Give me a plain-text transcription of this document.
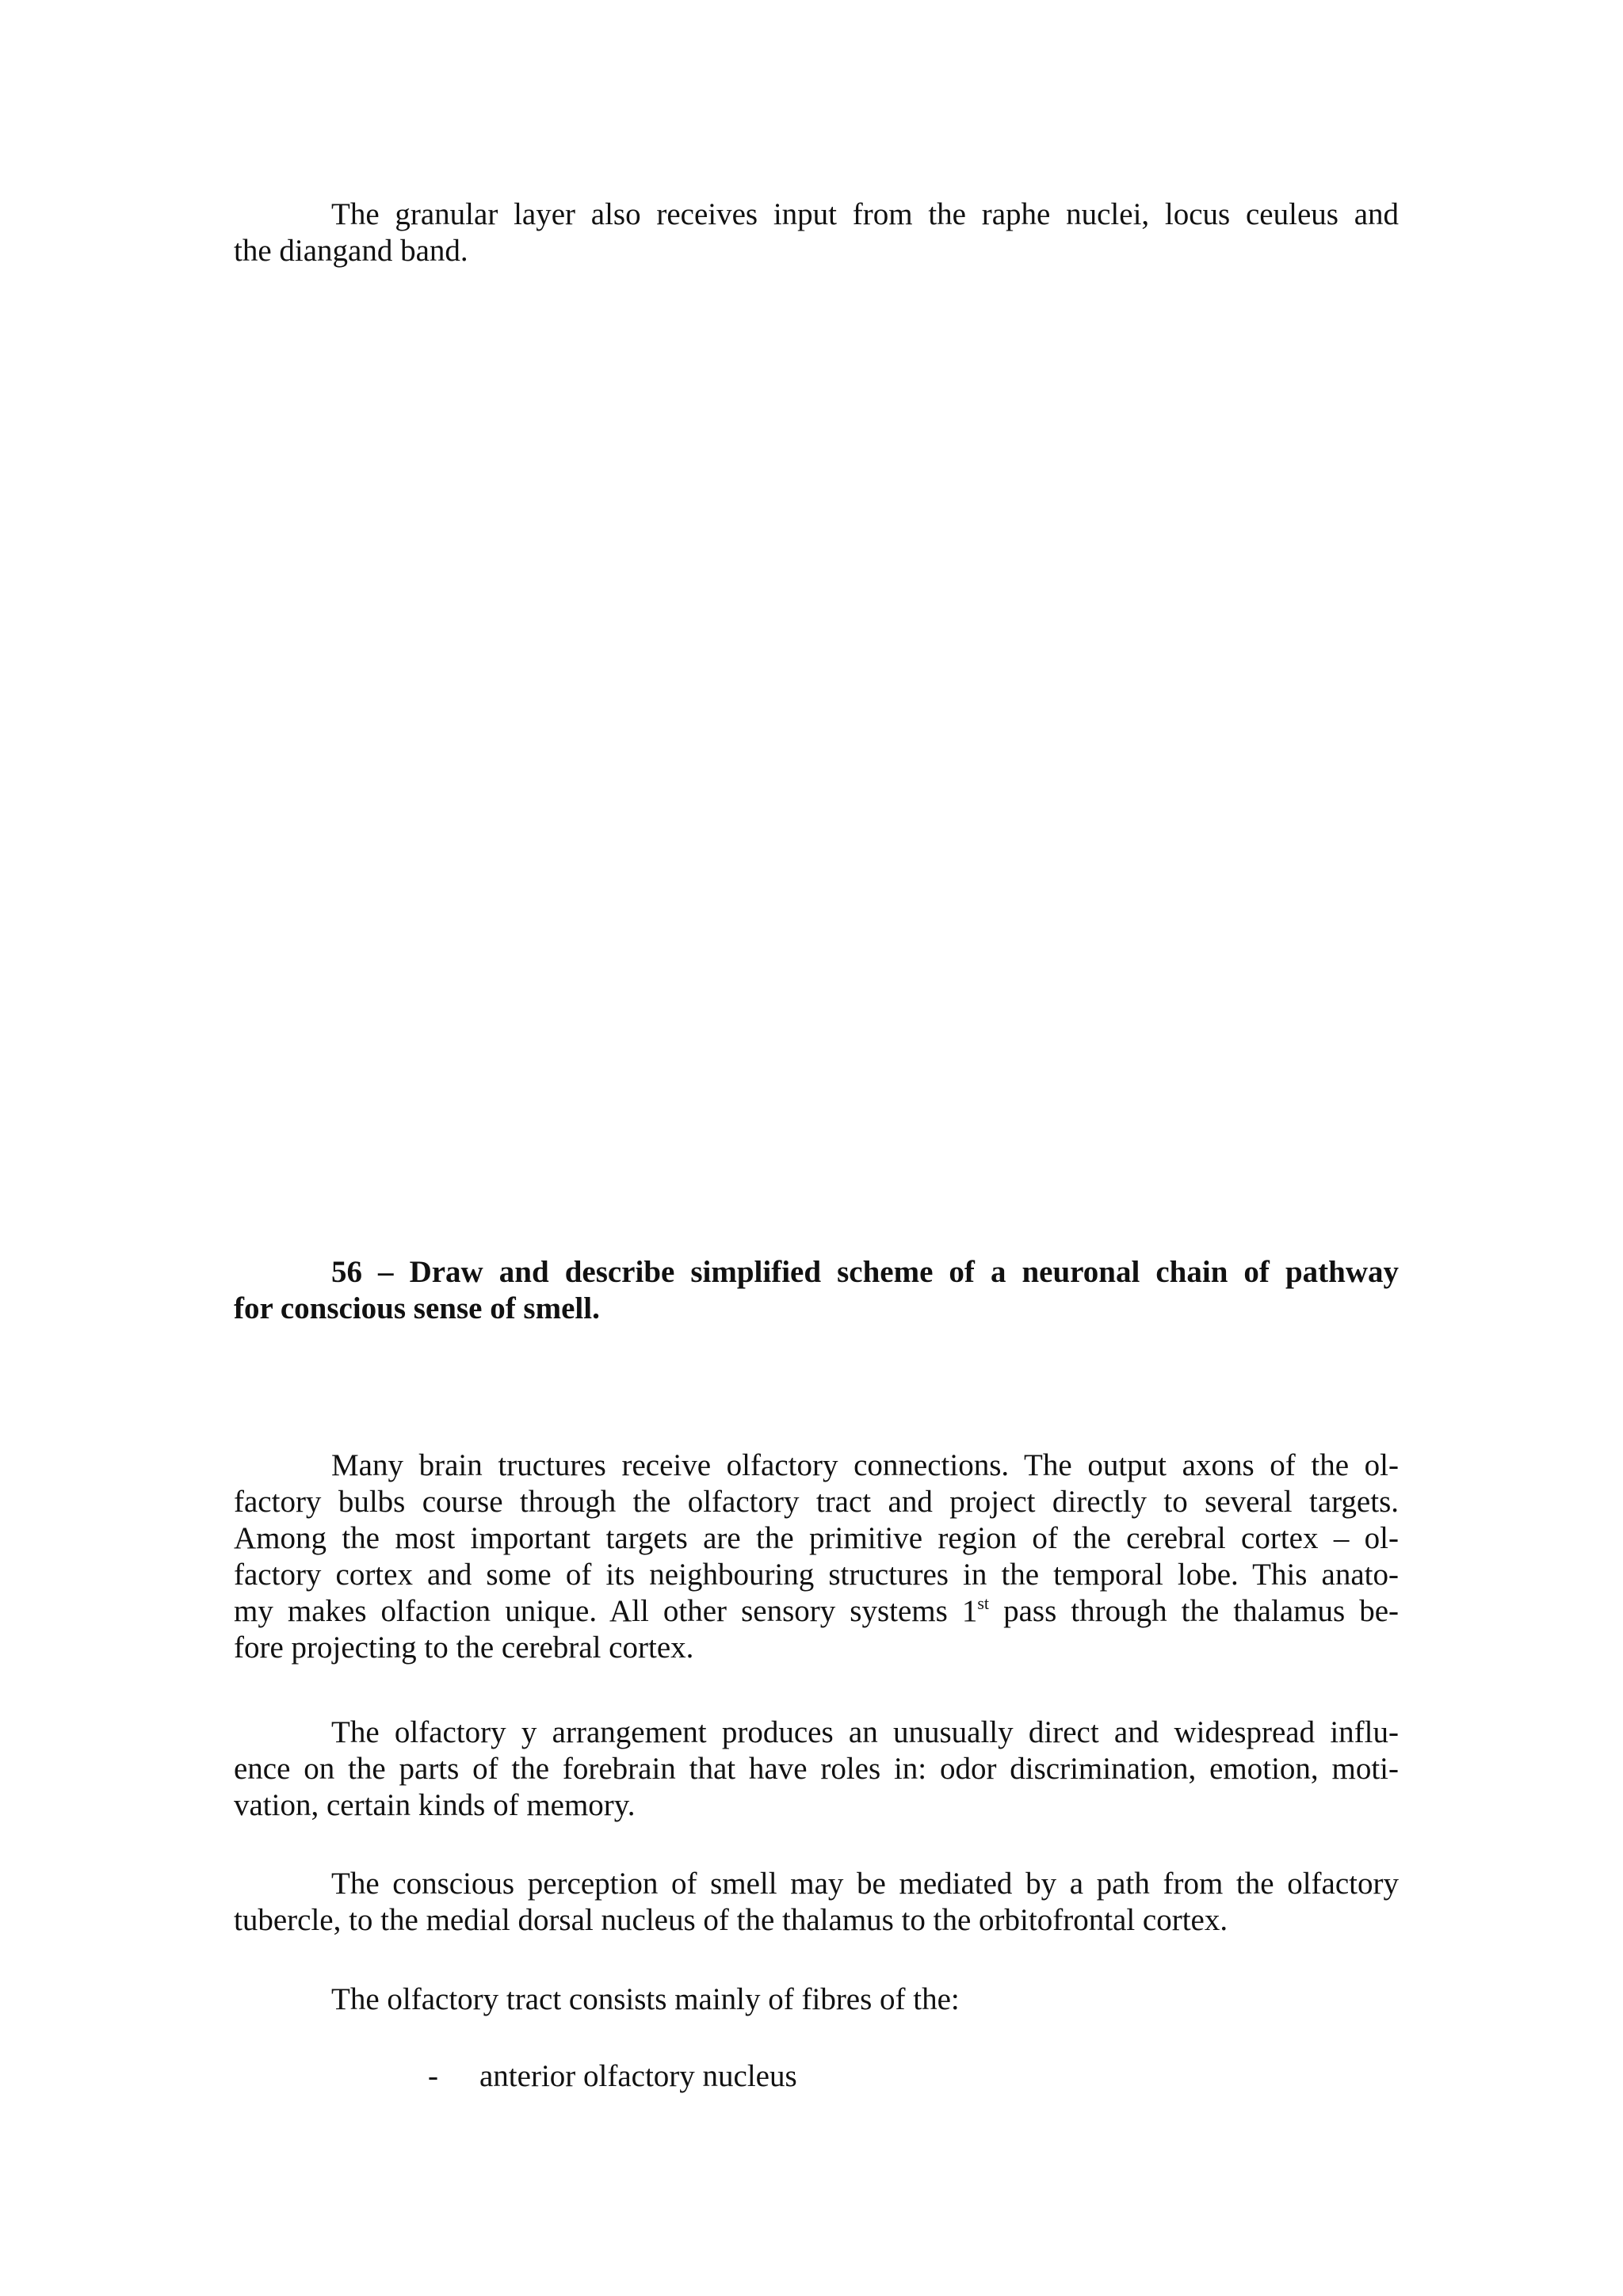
The granular layer also receives input from the raphe nuclei, locus ceuleus and
the diangand band.
56 – Draw and describe simplified scheme of a neuronal chain of pathway
for conscious sense of smell.
Many brain tructures receive olfactory connections. The output axons of the ol-
factory bulbs course through the olfactory tract and project directly to several targets.
Among the most important targets are the primitive region of the cerebral cortex – ol-
factory cortex and some of its neighbouring structures in the temporal lobe. This anato-
my makes olfaction unique. All other sensory systems 1st pass through the thalamus be-
fore projecting to the cerebral cortex.
The olfactory y arrangement produces an unusually direct and widespread influ-
ence on the parts of the forebrain that have roles in: odor discrimination, emotion, moti-
vation, certain kinds of memory.
The conscious perception of smell may be mediated by a path from the olfactory
tubercle, to the medial dorsal nucleus of the thalamus to the orbitofrontal cortex.
The olfactory tract consists mainly of fibres of the:
- anterior olfactory nucleus
